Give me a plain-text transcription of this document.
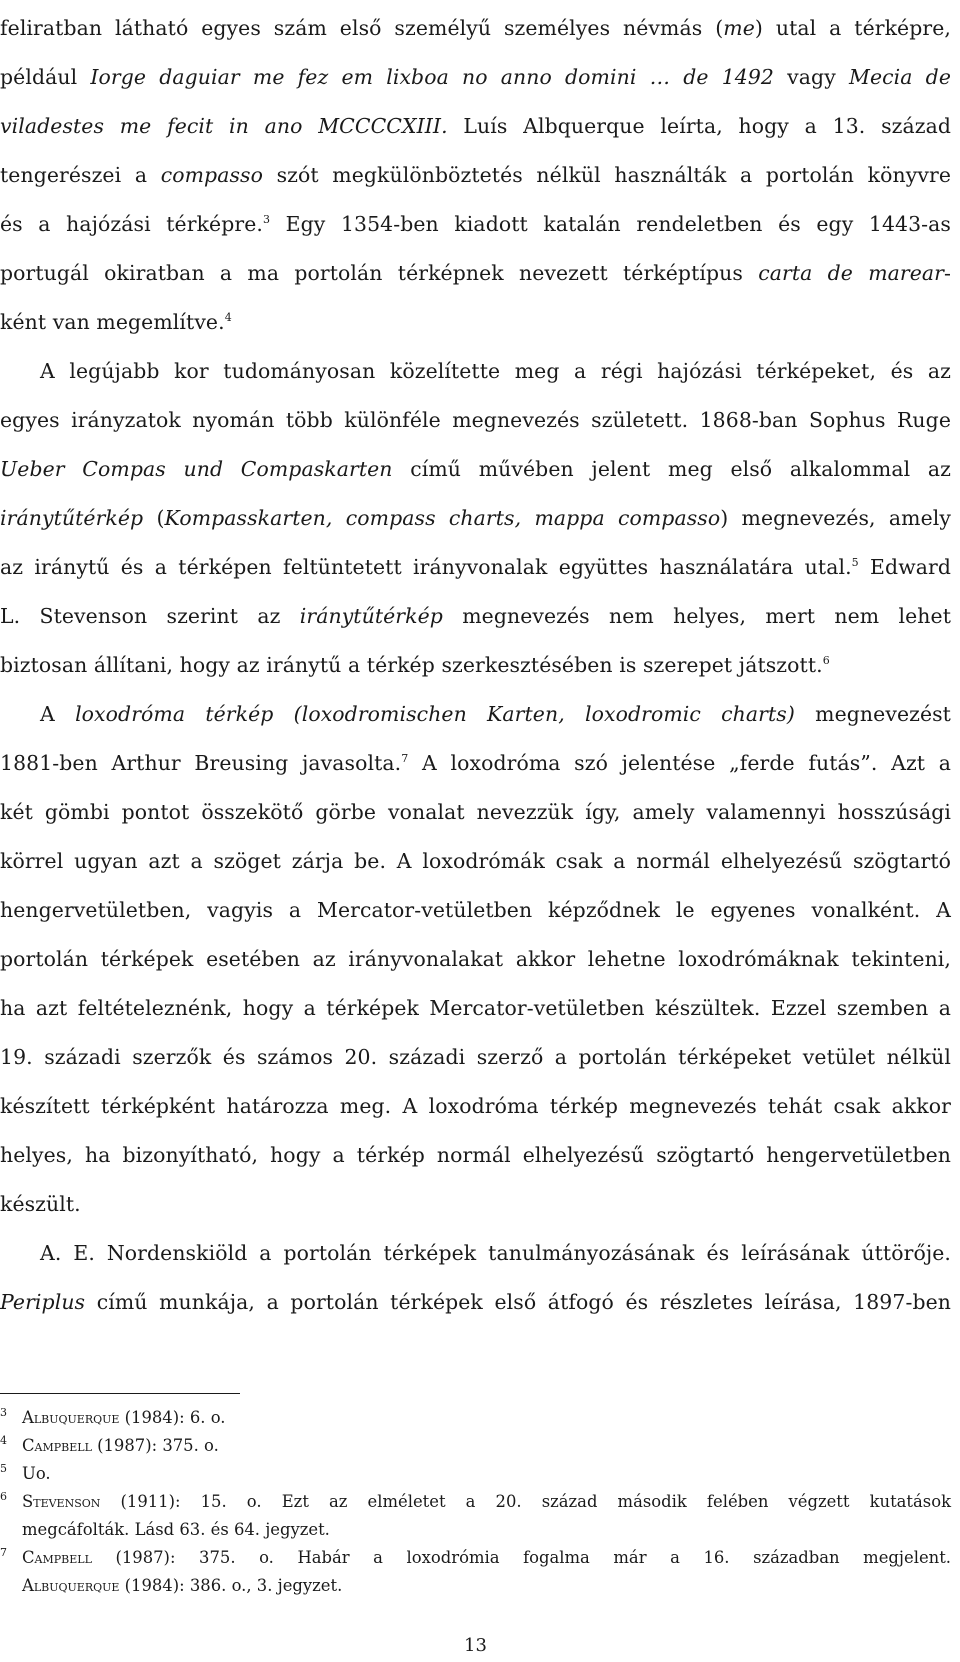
feliratban látható egyes szám első személyű személyes névmás (me) utal a térképre,
például Iorge daguiar me fez em lixboa no anno domini … de 1492 vagy Mecia de
viladestes me fecit in ano MCCCCXIII. Luís Albquerque leírta, hogy a 13. század
tengerészei a compasso szót megkülönböztetés nélkül használták a portolán könyvre
és a hajózási térképre.$^3$ Egy 1354-ben kiadott katalán rendeletben és egy 1443-as
portugál okiratban a ma portolán térképnek nevezett térképtípus carta de marear-
ként van megemlítve.$^4$
A legújabb kor tudományosan közelítette meg a régi hajózási térképeket, és az
egyes irányzatok nyomán több különféle megnevezés született. 1868-ban Sophus Ruge
Ueber Compas und Compaskarten című művében jelent meg első alkalommal az
iránytűtérkép (Kompasskarten, compass charts, mappa compasso) megnevezés, amely
az iránytű és a térképen feltüntetett irányvonalak együttes használatára utal.$^5$ Edward
L. Stevenson szerint az iránytűtérkép megnevezés nem helyes, mert nem lehet
biztosan állítani, hogy az iránytű a térkép szerkesztésében is szerepet játszott.$^6$
A loxodróma térkép (loxodromischen Karten, loxodromic charts) megnevezést
1881-ben Arthur Breusing javasolta.$^7$ A loxodróma szó jelentése „ferde futás”. Azt a
két gömbi pontot összekötő görbe vonalat nevezzük így, amely valamennyi hosszúsági
körrel ugyan azt a szöget zárja be. A loxodrómák csak a normál elhelyezésű szögtartó
hengervetületben, vagyis a Mercator-vetületben képződnek le egyenes vonalként. A
portolán térképek esetében az irányvonalakat akkor lehetne loxodrómáknak tekinteni,
ha azt feltételeznénk, hogy a térképek Mercator-vetületben készültek. Ezzel szemben a
19. századi szerzők és számos 20. századi szerző a portolán térképeket vetület nélkül
készített térképként határozza meg. A loxodróma térkép megnevezés tehát csak akkor
helyes, ha bizonyítható, hogy a térkép normál elhelyezésű szögtartó hengervetületben
készült.
A. E. Nordenskiöld a portolán térképek tanulmányozásának és leírásának úttörője.
Periplus című munkája, a portolán térképek első átfogó és részletes leírása, 1897-ben
3 Albuquerque (1984): 6. o.
4 Campbell (1987): 375. o.
5 Uo.
6 Stevenson (1911): 15. o. Ezt az elméletet a 20. század második felében végzett kutatások
megcáfolták. Lásd 63. és 64. jegyzet.
7 Campbell (1987): 375. o. Habár a loxodrómia fogalma már a 16. században megjelent.
Albuquerque (1984): 386. o., 3. jegyzet.
13
